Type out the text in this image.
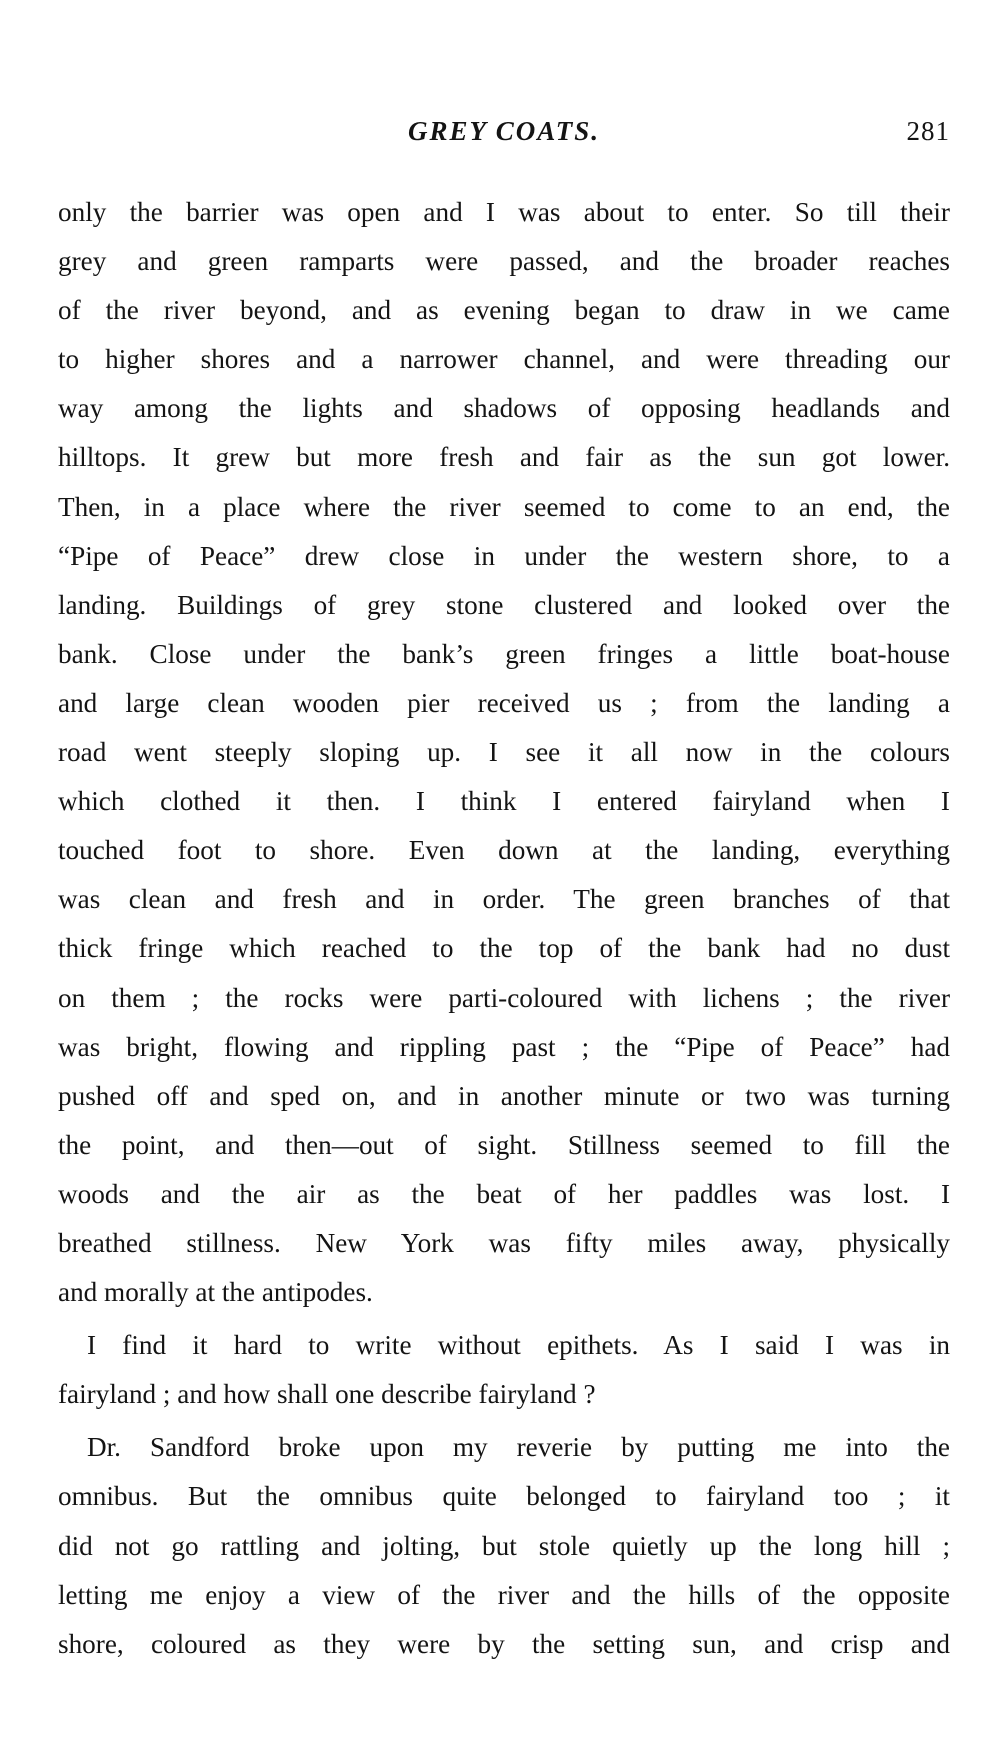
GREY COATS.	281
only the barrier was open and I was about to enter. So till their
grey and green ramparts were passed, and the broader reaches
of the river beyond, and as evening began to draw in we came
to higher shores and a narrower channel, and were threading our
way among the lights and shadows of opposing headlands and
hilltops. It grew but more fresh and fair as the sun got lower.
Then, in a place where the river seemed to come to an end, the
“Pipe of Peace” drew close in under the western shore, to a
landing. Buildings of grey stone clustered and looked over the
bank. Close under the bank’s green fringes a little boat-house
and large clean wooden pier received us ; from the landing a
road went steeply sloping up. I see it all now in the colours
which clothed it then. I think I entered fairyland when I
touched foot to shore. Even down at the landing, everything
was clean and fresh and in order. The green branches of that
thick fringe which reached to the top of the bank had no dust
on them ; the rocks were parti-coloured with lichens ; the river
was bright, flowing and rippling past ; the “Pipe of Peace” had
pushed off and sped on, and in another minute or two was turning
the point, and then—out of sight. Stillness seemed to fill the
woods and the air as the beat of her paddles was lost. I
breathed stillness. New York was fifty miles away, physically
and morally at the antipodes.
I find it hard to write without epithets. As I said I was in
fairyland ; and how shall one describe fairyland ?
Dr. Sandford broke upon my reverie by putting me into the
omnibus. But the omnibus quite belonged to fairyland too ; it
did not go rattling and jolting, but stole quietly up the long hill ;
letting me enjoy a view of the river and the hills of the opposite
shore, coloured as they were by the setting sun, and crisp and
